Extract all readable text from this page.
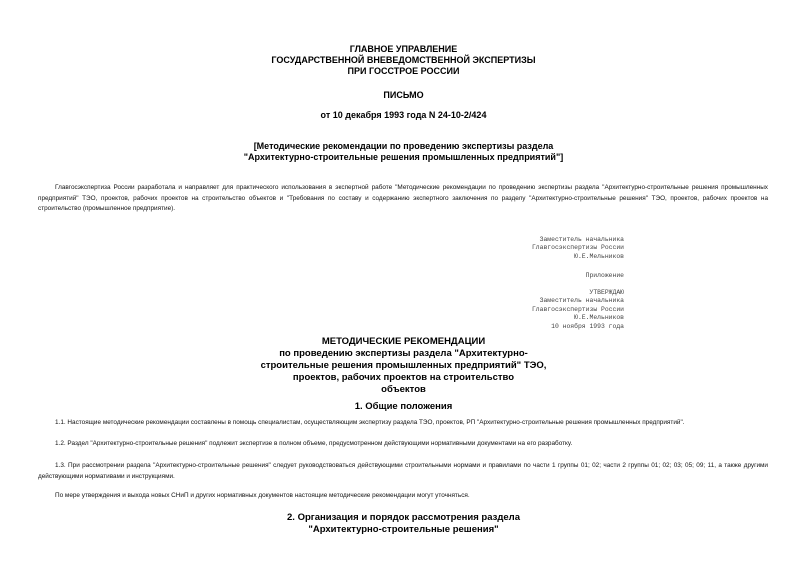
ГЛАВНОЕ УПРАВЛЕНИЕ
ГОСУДАРСТВЕННОЙ ВНЕВЕДОМСТВЕННОЙ ЭКСПЕРТИЗЫ
ПРИ ГОССТРОЕ РОССИИ
ПИСЬМО
от 10 декабря 1993 года N 24-10-2/424
[Методические рекомендации по проведению экспертизы раздела
"Архитектурно-строительные решения промышленных предприятий"]
Главгосэкспертиза России разработала и направляет для практического использования в экспертной работе "Методические рекомендации по проведению экспертизы раздела "Архитектурно-строительные решения промышленных предприятий" ТЭО, проектов, рабочих проектов на строительство объектов и "Требования по составу и содержанию экспертного заключения по разделу "Архитектурно-строительные решения" ТЭО, проектов, рабочих проектов на строительство (промышленное предприятие).
Заместитель начальника
Главгосэкспертизы России
Ю.Е.Мельников
Приложение
УТВЕРЖДАЮ
Заместитель начальника
Главгосэкспертизы России
Ю.Е.Мельников
10 ноября 1993 года
МЕТОДИЧЕСКИЕ РЕКОМЕНДАЦИИ
по проведению экспертизы раздела "Архитектурно-
строительные решения промышленных предприятий" ТЭО,
проектов, рабочих проектов на строительство
объектов
1. Общие положения
1.1. Настоящие методические рекомендации составлены в помощь специалистам, осуществляющим экспертизу раздела ТЭО, проектов, РП "Архитектурно-строительные решения промышленных предприятий".
1.2. Раздел "Архитектурно-строительные решения" подлежит экспертизе в полном объеме, предусмотренном действующими нормативными документами на его разработку.
1.3. При рассмотрении раздела "Архитектурно-строительные решения" следует руководствоваться действующими строительными нормами и правилами по части 1 группы 01; 02; части 2 группы 01; 02; 03; 05; 09; 11, а также другими действующими нормативами и инструкциями.
По мере утверждения и выхода новых СНиП и других нормативных документов настоящие методические рекомендации могут уточняться.
2. Организация и порядок рассмотрения раздела
"Архитектурно-строительные решения"
